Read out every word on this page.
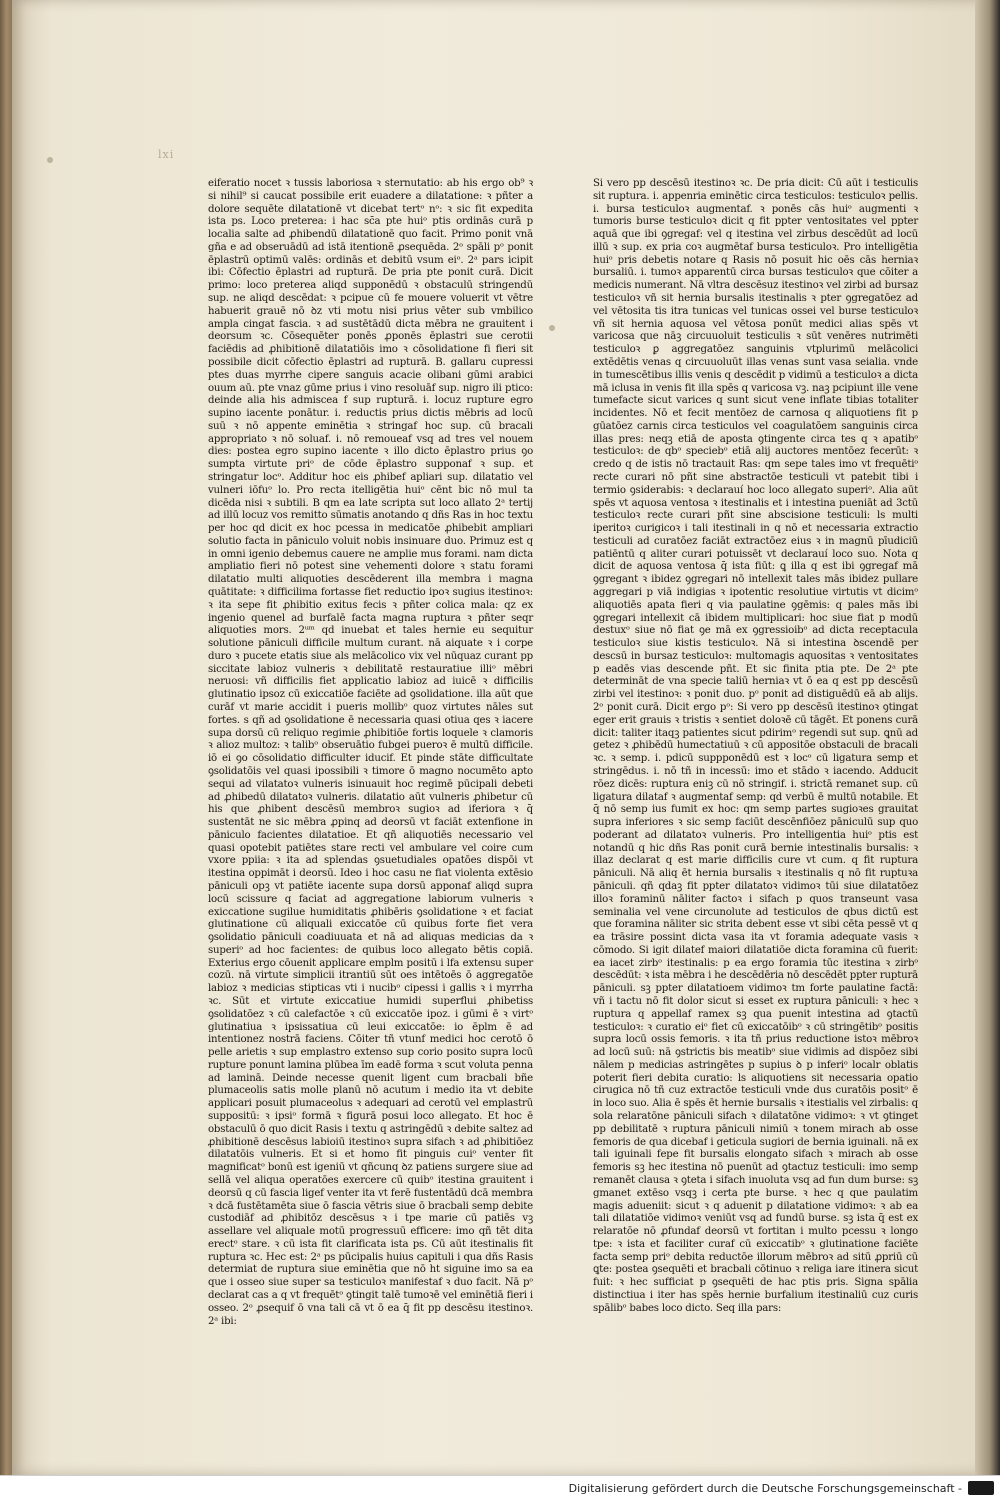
lxi
eiferatio nocet ꝛ tussis laboriosa ꝛ sternutatio: ab his ergo ob⁹ ꝛ si nihil⁹ si caucat possibile erit euadere a dilatatione: ꝛ pñter a dolore sequēte dilatationē vt dicebat tertᵒ nᵒ: ꝛ sic fit expedita ista ps. Loco preterea: i hac sc̄a pte huiᵒ ptis ordinās curā p localia salte ad ꝓhibendū dilatationē quo facit. Primo ponit vnā gña e ad obseruādū ad istā itentionē ꝓsequēda. 2ᵒ spāli pᵒ ponit ēplastrū optimū valēs: ordinās et debitū vsum eiᵒ. 2ᵃ pars icipit ibi: Cōfectio ēplastri ad rupturā. De pria pte ponit curā. Dicit primo: loco preterea aliqd supponēdū ꝛ obstaculū stringendū sup. ne aliqd descēdat: ꝛ pcipue cū fe mouere voluerit vt vētre habuerit grauē nō ꝺz vti motu nisi prius vēter sub vmbilico ampla cingat fascia. ꝛ ad sustētādū dicta mēbra ne grauitent i deorsum ꝛc. Cōsequēter ponēs ꝓponēs ēplastri sue cerotii faciēdis ad ꝓhibitionē dilatatiōis imo ꝛ cōsolidatione fi fieri sit possibile dicit cōfectio ēplastri ad rupturā. B. gallaru cupressi ptes duas myrrhe cipere sanguis acacie olibani gūmi arabici ouum aū. pte vnaz gūme prius i vino resoluāf sup. nigro ili ptico: deinde alia his admiscea f sup rupturā. i. locuz rupture egro supino iacente ponātur. i. reductis prius dictis mēbris ad locū suū ꝛ nō appente eminētia ꝛ stringaf hoc sup. cū bracali appropriato ꝛ nō soluaf. i. nō remoueaf vsq ad tres vel nouem dies: postea egro supino iacente ꝛ illo dicto ēplastro prius ꝯo sumpta virtute priᵒ de cōde ēplastro supponaf ꝛ sup. et stringatur locᵒ. Additur hoc eis ꝓhibef apliari sup. dilatatio vel vulneri iōfuᵒ lo. Pro recta itelligētia huiᵒ cēnt bic nō mul ta dicēda nisi ꝛ subtili. B qm ea late scripta sut loco allato 2ᵃ tertij ad illū locuz vos remitto sūmatis anotando q dñs Ras in hoc textu per hoc qd dicit ex hoc pcessa in medicatōe ꝓhibebit ampliari solutio facta in pāniculo voluit nobis insinuare duo. Primuz est q in omni igenio debemus cauere ne amplie mus forami. nam dicta ampliatio fieri nō potest sine vehementi dolore ꝛ statu forami dilatatio multi aliquoties descēderent illa membra i magna quātitate: ꝛ difficilima fortasse fiet reductio ipoꝛ sugius itestinoꝛ: ꝛ ita sepe fit ꝓhibitio exitus fecis ꝛ pñter colica mala: qz ex ingenio quenel ad burfalē facta magna ruptura ꝛ pñter seqr aliquoties mors. 2ᵘᵐ qd inuebat et tales hernie eu sequitur solutione pāniculi difficile multum curant. nā aiquate ꝛ i corpe duro ꝛ pucete etatis siue als melācolico vix vel nūquaz curant pp siccitate labioz vulneris ꝛ debilitatē restauratiue illiᵒ mēbri neruosi: vñ difficilis fiet applicatio labioz ad iuicē ꝛ difficilis glutinatio ipsoz cū exiccatiōe faciēte ad ꝯsolidatione. illa aūt que curāf vt marie accidit i pueris mollibᵒ quoz virtutes nāles sut fortes. s qñ ad ꝯsolidatione ē necessaria quasi otiua qes ꝛ iacere supa dorsū cū reliquo regimie ꝓhibitiōe fortis loquele ꝛ clamoris ꝛ alioz multoz: ꝛ talibᵒ obseruātio fubgei pueroꝛ ē multū difficile. iō ei ꝯo cōsolidatio difficulter iducif. Et pinde stāte difficultate ꝯsolidatōis vel quasi ipossibili ꝛ timore ō magno nocumēto apto sequi ad vilatatoꝛ vulneris isinuauit hoc regimē pūcipali debeti ad ꝓhibedū dilatatoꝛ vulneris. dilatatio aūt vulneris ꝓhibetur cū his que ꝓhibent descēsū membroꝛ sugioꝛ ad iferiora ꝛ q̄ sustentāt ne sic mēbra ꝓpinq ad deorsū vt faciāt extenfione in pāniculo facientes dilatatioe. Et qñ aliquotiēs necessario vel quasi opotebit patiētes stare recti vel ambulare vel coire cum vxore ppiia: ꝛ ita ad splendas ꝯsuetudiales opatōes dispōi vt itestina oppimāt i deorsū. Ideo i hoc casu ne fiat violenta extēsio pāniculi opꝫ vt patiēte iacente supa dorsū apponaf aliqd supra locū scissure q faciat ad aggregatione labiorum vulneris ꝛ exiccatione sugilue humiditatis ꝓhibēris ꝯsolidatione ꝛ et faciat glutinatione cū aliquali exiccatōe cū quibus forte fiet vera ꝯsolidatio pāniculi coadiuuata et nā ad aliquas medicias da ꝛ superiᵒ ad hoc facientes: de quibus loco allegato bētis copiā. Exterius ergo cōuenit applicare emplm positū i lfa extensu super cozū. nā virtute simplicii itrantiū sūt oes intētoēs ō aggregatōe labioz ꝛ medicias stipticas vti i nucibᵒ cipessi i gallis ꝛ i myrrha ꝛc. Sūt et virtute exiccatiue humidi superflui ꝓhibetiss ꝯsolidatōez ꝛ cū calefactōe ꝛ cū exiccatōe ipoz. i gūmi ē ꝛ virtᵒ glutinatiua ꝛ ipsissatiua cū leui exiccatōe: io ēplm ē ad intentionez nostrā faciens. Cōiter tñ vtunf medici hoc cerotō ō pelle arietis ꝛ sup emplastro extenso sup corio posito supra locū rupture ponunt lamina plūbea īm eadē forma ꝛ scut voluta penna ad laminā. Deinde necesse quenit ligent cum bracbali bñe plumaceolis satis molle planū nō acutum i medio ita vt debite applicari posuit plumaceolus ꝛ adequari ad cerotū vel emplastrū suppositū: ꝛ ipsiᵒ formā ꝛ figurā posui loco allegato. Et hoc ē obstaculū ō quo dicit Rasis i textu q astringēdū ꝛ debite saltez ad ꝓhibitionē descēsus labioiū itestinoꝛ supra sifach ꝛ ad ꝓhibitiōez dilatatōis vulneris. Et si et homo fit pinguis cuiᵒ venter fit magnificatᵒ bonū est igeniū vt qñcunq ꝺz patiens surgere siue ad sellā vel aliqua operatōes exercere cū quibᵒ itestina grauitent i deorsū q cū fascia ligef venter ita vt ferē fustentādū dcā membra ꝛ dcā fustētamēta siue ō fascia vētris siue ō bracbali semp debite custodiāf ad ꝓhibitōz descēsus ꝛ i tpe marie cū patiēs vꝫ assellare vel aliquale motū progressuū efficere: imo qñ tēt dita erectᵒ stare. ꝛ cū ista fit clarificata ista ps. Cū aūt itestinalis fit ruptura ꝛc. Hec est: 2ᵃ ps pūcipalis huius capituli i qua dñs Rasis determiat de ruptura siue eminētia que nō ht siguine imo sa ea que i osseo siue super sa testiculoꝛ manifestaf ꝛ duo facit. Nā pᵒ declarat cas a q vt frequētᵒ ꝯtingit talē tumoꝛē vel eminētiā fieri i osseo. 2ᵒ ꝓsequif ō vna tali cā vt ō ea q̄ fit pp descēsu itestinoꝛ. 2ᵃ ibi:
Si vero pp descēsū itestinoꝛ ꝛc. De pria dicit: Cū aūt i testiculis sit ruptura. i. appenria eminētic circa testiculos: testiculoꝛ pellis. i. bursa testiculoꝛ augmentaf. ꝛ ponēs cās huiᵒ augmenti ꝛ tumoris burse testiculoꝛ dicit q fit ppter ventositates vel ppter aquā que ibi ꝯgregaf: vel q itestina vel zirbus descēdūt ad locū illū ꝛ sup. ex pria coꝛ augmētaf bursa testiculoꝛ. Pro intelligētia huiᵒ pris debetis notare q Rasis nō posuit hic oēs cās herniaꝛ bursaliū. i. tumoꝛ apparentū circa bursas testiculoꝛ que cōiter a medicis numerant. Nā vltra descēsuz itestinoꝛ vel zirbi ad bursaz testiculoꝛ vñ sit hernia bursalis itestinalis ꝛ pter ꝯgregatōez ad vel vētosita tis itra tunicas vel tunicas ossei vel burse testiculoꝛ vñ sit hernia aquosa vel vētosa ponūt medici alias spēs vt varicosa que nāꝫ circuuoluit testiculis ꝛ sūt venēres nutrimēti testiculoꝛ ꝑ aggregatōez sanguinis vtplurimū melācolici extēdētis venas q circuuoluūt illas venas sunt vasa seialia. vnde in tumescētibus illis venis q descēdit p vidimū a testiculoꝛ a dicta mā iclusa in venis fit illa spēs q varicosa vꝫ. naꝫ pcipiunt ille vene tumefacte sicut varices q sunt sicut vene inflate tibias totaliter incidentes. Nō et fecit mentōez de carnosa q aliquotiens fit p gūatōez carnis circa testiculos vel coagulatōem sanguinis circa illas pres: neqꝫ etiā de aposta ꝯtingente circa tes q ꝛ apatibᵒ testiculoꝛ: de qbᵒ speciebᵒ etiā alij auctores mentōez fecerūt: ꝛ credo q de istis nō tractauit Ras: qm sepe tales imo vt frequētiᵒ recte curari nō pñt sine abstractōe testiculi vt patebit tibi i termio ꝯsiderabis: ꝛ declarauí hoc loco allegato superiᵒ. Alia aūt spēs vt aquosa ventosa ꝛ itestinalis et i intestina pueniāt ad 3ctū testiculoꝛ recte curari pñt sine abscisione testiculi: ls multi iperitoꝛ curigicoꝛ i tali itestinali in q nō et necessaria extractio testiculi ad curatōez faciāt extractōez eius ꝛ in magnū pīudiciū patiēntū q aliter curari potuissēt vt declarauí loco suo. Nota q dicit de aquosa ventosa q̄ ista fiūt: ꝗ illa q est ibi ꝯgregaf mā ꝯgregant ꝛ ibidez ꝯgregari nō intellexit tales mās ibidez pullare aggregari p viā indigias ꝛ ipotentic resolutiue virtutis vt dicimᵒ aliquotiēs apata fieri q via paulatine ꝯgēmis: q pales mās ibi ꝯgregari intellexit cā ibidem multiplicari: hoc siue fiat p modū destuxᵒ siue nō fiat ꝯe mā ex ꝯgressioibᵒ ad dicta receptacula testiculoꝛ siue kistis testiculoꝛ. Nā si intestina ꝺscendē per descsū in bursaz testiculoꝛ: multomagis aquositas ꝛ ventositates p eadēs vias descende pñt. Et sic finita ptia pte. De 2ᵃ pte determināt de vna specie taliū herniaꝛ vt ō ea q est pp descēsū zirbi vel itestinoꝛ: ꝛ ponit duo. pᵒ ponit ad distiguēdū eā ab alijs. 2ᵒ ponit curā. Dicit ergo pᵒ: Si vero pp descēsū itestinoꝛ ꝯtingat eger erit grauis ꝛ tristis ꝛ sentiet doloꝛē cū tāgēt. Et ponens curā dicit: taliter itaqꝫ patientes sicut pdirimᵒ regendi sut sup. ꝗnū ad getez ꝛ ꝓhibēdū humectatiuū ꝛ cū appositōe obstaculi de bracali ꝛc. ꝛ semp. i. pdicū suppponēdū est ꝛ locᵒ cū ligatura semp et stringēdus. i. nō tñ in incessū: imo et stādo ꝛ iacendo. Adducit rōez dicēs: ruptura eniꝫ cū nō stringif. i. strictā remanet sup. cū ligatura dilataf ꝛ augmentaf semp: qd verbū ē multū notabile. Et q̄ nō semp ius fumit ex hoc: qm semp partes sugioꝛes grauitat supra inferiores ꝛ sic semp faciūt descēnfiōez pāniculū sup quo poderant ad dilatatoꝛ vulneris. Pro intelligentia huiᵒ ptis est notandū q hic dñs Ras ponit curā bernie intestinalis bursalis: ꝛ illaz declarat q est marie difficilis cure vt cum. q fit ruptura pāniculi. Nā aliq ēt hernia bursalis ꝛ itestinalis q nō fit ruptuꝛa pāniculi. qñ qdaꝫ fit ppter dilatatoꝛ vidimoꝛ tūi siue dilatatōez illoꝛ foraminū nāliter factoꝛ i sifach p quos transeunt vasa seminalia vel vene circunolute ad testiculos de qbus dictū est que foramina nāliter sic strita debent esse vt sibi cēta pessē vt q ea trāsire possint dicta vasa ita vt foramia adequate vasis ꝛ cōmodo. Si igit dilatef maiori dilatatiōe dicta foramina cū fuerit: ea iacet zirbᵒ itestinalis: p ea ergo foramia tūc itestina ꝛ zirbᵒ descēdūt: ꝛ ista mēbra i he descēdēria nō descēdēt ppter rupturā pāniculi. sꝫ ppter dilatatioem vidimoꝛ tm forte paulatine factā: vñ i tactu nō fit dolor sicut si esset ex ruptura pāniculi: ꝛ hec ꝛ ruptura q appellaf ramex sꝫ qua puenit intestina ad ꝯtactū testiculoꝛ: ꝛ curatio eiᵒ fiet cū exiccatōibᵒ ꝛ cū stringētibᵒ positis supra locū ossis femoris. ꝛ ita tñ prius reductione istoꝛ mēbroꝛ ad locū suū: nā ꝯstrictis bis meatibᵒ siue vidimis ad dispōez sibi nālem p medicias astringētes p supius ꝺ p inferiᵒ localr oblatis poterit fieri debita curatio: ls aliquotiens sit necessaria opatio cirugica nō tñ cuz extractōe testiculi vnde dus curatōis positᵒ ē in loco suo. Alia ē spēs ēt hernie bursalis ꝛ itestialis vel zirbalis: q sola relaratōne pāniculi sifach ꝛ dilatatōne vidimoꝛ: ꝛ vt ꝯtinget pp debilitatē ꝛ ruptura pāniculi nimiū ꝛ tonem mirach ab osse femoris de qua dicebaf i geticula sugiori de bernia iguinali. nā ex tali iguinali fepe fit bursalis elongato sifach ꝛ mirach ab osse femoris sꝫ hec itestina nō puenūt ad ꝯtactuz testiculi: imo semp remanēt clausa ꝛ ꝯteta i sifach inuoluta vsq ad fun dum burse: sꝫ gmanet extēso vsqꝫ i certa pte burse. ꝛ hec q que paulatim magis adueniit: sicut ꝛ q aduenit p dilatatione vidimoꝛ: ꝛ ab ea tali dilatatiōe vidimoꝛ veniūt vsq ad fundū burse. sꝫ ista q̄ est ex relaratōe nō ꝓfundaf deorsū vt fortitan i multo pcessu ꝛ longo tpe: ꝛ ista et faciliter curaf cū exiccatibᵒ ꝛ glutinatione faciēte facta semp priᵒ debita reductōe illorum mēbroꝛ ad sitū ꝓpriū cū ꝗte: postea ꝯsequēti et bracbali cōtinuo ꝛ religa iare itinera sicut fuit: ꝛ hec sufficiat p ꝯsequēti de hac ptis pris. Signa spālia distinctiua i iter has spēs hernie burfalium itestinaliū cuz curis spālibᵒ babes loco dicto. Seq illa pars:
Digitalisierung gefördert durch die Deutsche Forschungsgemeinschaft -
